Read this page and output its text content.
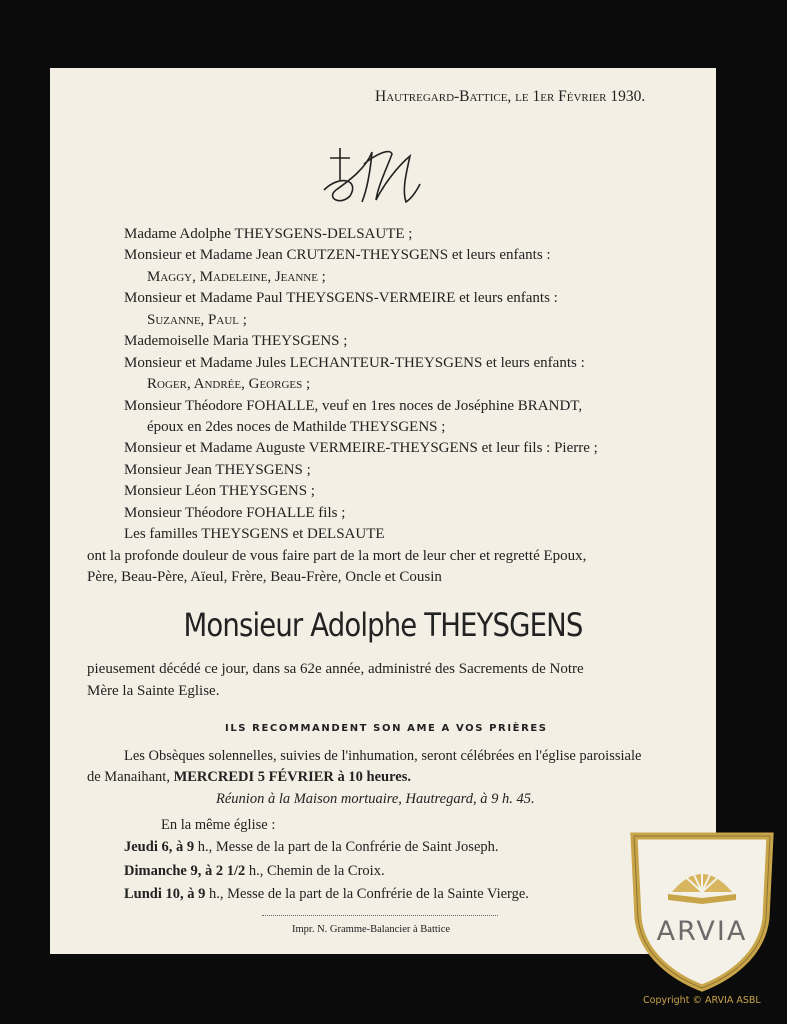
Hautregard-Battice, le 1er Février 1930.
Madame Adolphe THEYSGENS-DELSAUTE ;
Monsieur et Madame Jean CRUTZEN-THEYSGENS et leurs enfants :
Maggy, Madeleine, Jeanne ;
Monsieur et Madame Paul THEYSGENS-VERMEIRE et leurs enfants :
Suzanne, Paul ;
Mademoiselle Maria THEYSGENS ;
Monsieur et Madame Jules LECHANTEUR-THEYSGENS et leurs enfants :
Roger, Andrée, Georges ;
Monsieur Théodore FOHALLE, veuf en 1res noces de Joséphine BRANDT,
époux en 2des noces de Mathilde THEYSGENS ;
Monsieur et Madame Auguste VERMEIRE-THEYSGENS et leur fils : Pierre ;
Monsieur Jean THEYSGENS ;
Monsieur Léon THEYSGENS ;
Monsieur Théodore FOHALLE fils ;
Les familles THEYSGENS et DELSAUTE
ont la profonde douleur de vous faire part de la mort de leur cher et regretté Epoux,
Père, Beau-Père, Aïeul, Frère, Beau-Frère, Oncle et Cousin
Monsieur Adolphe THEYSGENS
pieusement décédé ce jour, dans sa 62e année, administré des Sacrements de Notre
Mère la Sainte Eglise.
ILS RECOMMANDENT SON AME A VOS PRIÈRES
Les Obsèques solennelles, suivies de l'inhumation, seront célébrées en l'église paroissiale
de Manaihant, MERCREDI 5 FÉVRIER à 10 heures.
Réunion à la Maison mortuaire, Hautregard, à 9 h. 45.
En la même église :
Jeudi 6, à 9 h., Messe de la part de la Confrérie de Saint Joseph.
Dimanche 9, à 2 1/2 h., Chemin de la Croix.
Lundi 10, à 9 h., Messe de la part de la Confrérie de la Sainte Vierge.
Impr. N. Gramme-Balancier à Battice	ARVIA
Copyright © ARVIA ASBL
